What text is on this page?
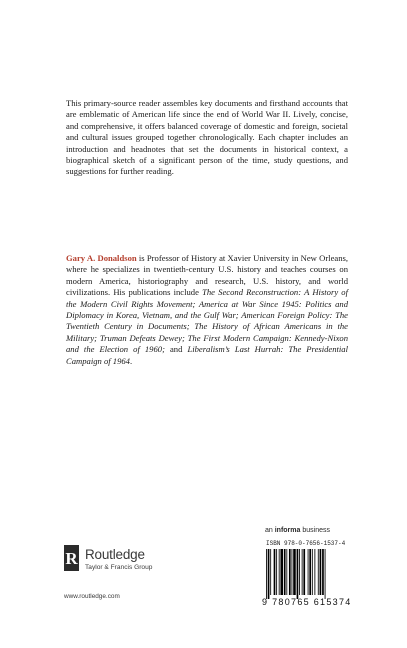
This primary-source reader assembles key documents and firsthand accounts that are emblematic of American life since the end of World War II. Lively, concise, and comprehensive, it offers balanced coverage of domestic and foreign, societal and cultural issues grouped together chronologically. Each chapter includes an introduction and headnotes that set the documents in historical context, a biographical sketch of a significant person of the time, study questions, and suggestions for further reading.

Gary A. Donaldson is Professor of History at Xavier University in New Orleans, where he specializes in twentieth-century U.S. history and teaches courses on modern America, historiography and research, U.S. history, and world civilizations. His publications include The Second Reconstruction: A History of the Modern Civil Rights Movement; America at War Since 1945: Politics and Diplomacy in Korea, Vietnam, and the Gulf War; American Foreign Policy: The Twentieth Century in Documents; The History of African Americans in the Military; Truman Defeats Dewey; The First Modern Campaign: Kennedy-Nixon and the Election of 1960; and Liberalism’s Last Hurrah: The Presidential Campaign of 1964.

R Routledge
Taylor & Francis Group
www.routledge.com
an informa business
ISBN 978-0-7656-1537-4
9 780765 615374
